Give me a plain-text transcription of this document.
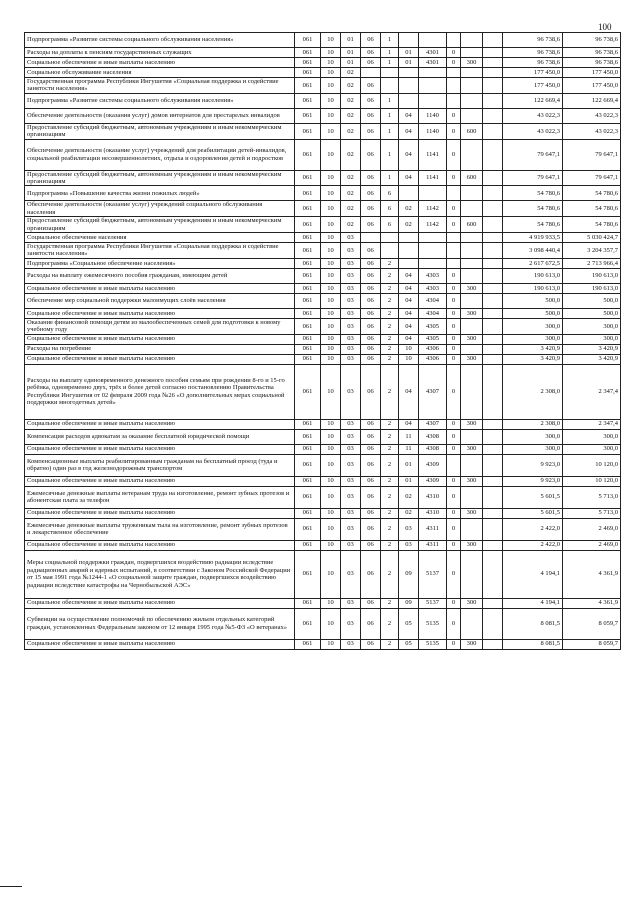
100
Подпрограмма «Развитие системы социального обслуживания населения»	061	10	01	06	1						96 738,6	96 738,6
Расходы на доплаты к пенсиям государственных служащих	061	10	01	06	1	01	4301	0			96 738,6	96 738,6
Социальное обеспечение и иные выплаты населению	061	10	01	06	1	01	4301	0	300		96 738,6	96 738,6
Социальное обслуживание населения	061	10	02								177 450,0	177 450,0
Государственная программа Республики Ингушетия «Социальная поддержка и содействие занятости населения»	061	10	02	06							177 450,0	177 450,0
Подпрограмма «Развитие системы социального обслуживания населения»	061	10	02	06	1						122 669,4	122 669,4
Обеспечение деятельности (оказания услуг) домов интернатов для престарелых инвалидов	061	10	02	06	1	04	1140	0			43 022,3	43 022,3
Предоставление субсидий бюджетным, автономным учреждениям и иным некоммерческим организациям	061	10	02	06	1	04	1140	0	600		43 022,3	43 022,3
Обеспечение деятельности (оказание услуг) учреждений для реабилитации детей-инвалидов, социальной реабилитации несовершеннолетних, отдыха и оздоровления детей и подростков	061	10	02	06	1	04	1141	0			79 647,1	79 647,1
Предоставление субсидий бюджетным, автономным учреждениям и иным некоммерческим организациям	061	10	02	06	1	04	1141	0	600		79 647,1	79 647,1
Подпрограмма «Повышение качества жизни пожилых людей»	061	10	02	06	6						54 780,6	54 780,6
Обеспечение деятельности (оказание услуг) учреждений социального обслуживания населения	061	10	02	06	6	02	1142	0			54 780,6	54 780,6
Предоставление субсидий бюджетным, автономным учреждениям и иным некоммерческим организациям	061	10	02	06	6	02	1142	0	600		54 780,6	54 780,6
Социальное обеспечение населения	061	10	03								4 919 933,5	5 030 424,7
Государственная программа Республики Ингушетия «Социальная поддержка и содействие занятости населения»	061	10	03	06							3 098 440,4	3 204 357,7
Подпрограмма «Социальное обеспечение населения»	061	10	03	06	2						2 617 672,5	2 713 966,4
Расходы на выплату ежемесячного пособия гражданам, имеющим детей	061	10	03	06	2	04	4303	0			190 613,0	190 613,0
Социальное обеспечение и иные выплаты населению	061	10	03	06	2	04	4303	0	300		190 613,0	190 613,0
Обеспечение мер социальной поддержки малоимущих слоёв населения	061	10	03	06	2	04	4304	0			500,0	500,0
Социальное обеспечение и иные выплаты населению	061	10	03	06	2	04	4304	0	300		500,0	500,0
Оказание финансовой помощи детям из малообеспеченных семей для подготовки к новому учебному году	061	10	03	06	2	04	4305	0			300,0	300,0
Социальное обеспечение и иные выплаты населению	061	10	03	06	2	04	4305	0	300		300,0	300,0
Расходы на погребение	061	10	03	06	2	10	4306	0			3 420,9	3 420,9
Социальное обеспечение и иные выплаты населению	061	10	03	06	2	10	4306	0	300		3 420,9	3 420,9
Расходы на выплату единовременного денежного пособия семьям при рождении 8-го и 15-го ребёнка, одновременно двух, трёх и более детей согласно постановлению Правительства Республики Ингушетия от 02 февраля 2009 года №26 «О дополнительных мерах социальной поддержки многодетных детей»	061	10	03	06	2	04	4307	0			2 308,0	2 347,4
Социальное обеспечение и иные выплаты населению	061	10	03	06	2	04	4307	0	300		2 308,0	2 347,4
Компенсация расходов адвокатам за оказание бесплатной юридической помощи	061	10	03	06	2	11	4308	0			300,0	300,0
Социальное обеспечение и иные выплаты населению	061	10	03	06	2	11	4308	0	300		300,0	300,0
Компенсационные выплаты реабилитированным гражданам на бесплатный проезд (туда и обратно) один раз в год железнодорожным транспортом	061	10	03	06	2	01	4309				9 923,0	10 120,0
Социальное обеспечение и иные выплаты населению	061	10	03	06	2	01	4309	0	300		9 923,0	10 120,0
Ежемесячные денежные выплаты ветеранам труда на изготовление, ремонт зубных протезов и абонентская плата за телефон	061	10	03	06	2	02	4310	0			5 601,5	5 713,0
Социальное обеспечение и иные выплаты населению	061	10	03	06	2	02	4310	0	300		5 601,5	5 713,0
Ежемесячные денежные выплаты труженикам тыла на изготовление, ремонт зубных протезов и лекарственное обеспечение	061	10	03	06	2	03	4311	0			2 422,0	2 469,0
Социальное обеспечение и иные выплаты населению	061	10	03	06	2	03	4311	0	300		2 422,0	2 469,0
Меры социальной поддержки граждан, подвергшихся воздействию радиации вследствие радиационных аварий и ядерных испытаний, в соответствии с Законом Российской Федерации от 15 мая 1991 года №1244-1 «О социальной защите граждан, подвергшихся воздействию радиации вследствие катастрофы на Чернобыльской АЭС»	061	10	03	06	2	09	5137	0			4 194,1	4 361,9
Социальное обеспечение и иные выплаты населению	061	10	03	06	2	09	5137	0	300		4 194,1	4 361,9
Субвенции на осуществление полномочий по обеспечению жильем отдельных категорий граждан, установленных Федеральным законом от 12 января 1995 года №5-ФЗ «О ветеранах»	061	10	03	06	2	05	5135	0			8 081,5	8 059,7
Социальное обеспечение и иные выплаты населению	061	10	03	06	2	05	5135	0	300		8 081,5	8 059,7
